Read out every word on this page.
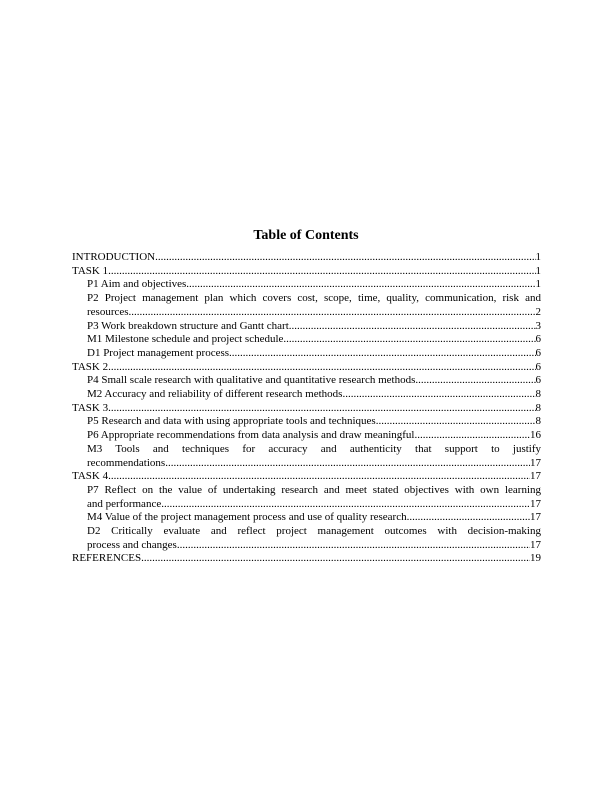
Table of Contents
INTRODUCTION .....	1
TASK 1 .....	1
P1 Aim and objectives .....	1
P2 Project management plan which covers cost, scope, time, quality, communication, risk and
resources .....	2
P3 Work breakdown structure and Gantt chart .....	3
M1 Milestone schedule and project schedule .....	6
D1 Project management process .....	6
TASK 2 .....	6
P4 Small scale research with qualitative and quantitative research methods .....	6
M2 Accuracy and reliability of different research methods .....	8
TASK 3 .....	8
P5 Research and data with using appropriate tools and techniques .....	8
P6 Appropriate recommendations from data analysis and draw meaningful .....	16
M3 Tools and techniques for accuracy and authenticity that support to justify
recommendations .....	17
TASK 4 .....	17
P7 Reflect on the value of undertaking research and meet stated objectives with own learning
and performance .....	17
M4 Value of the project management process and use of quality research .....	17
D2 Critically evaluate and reflect project management outcomes with decision-making
process and changes .....	17
REFERENCES .....	19
